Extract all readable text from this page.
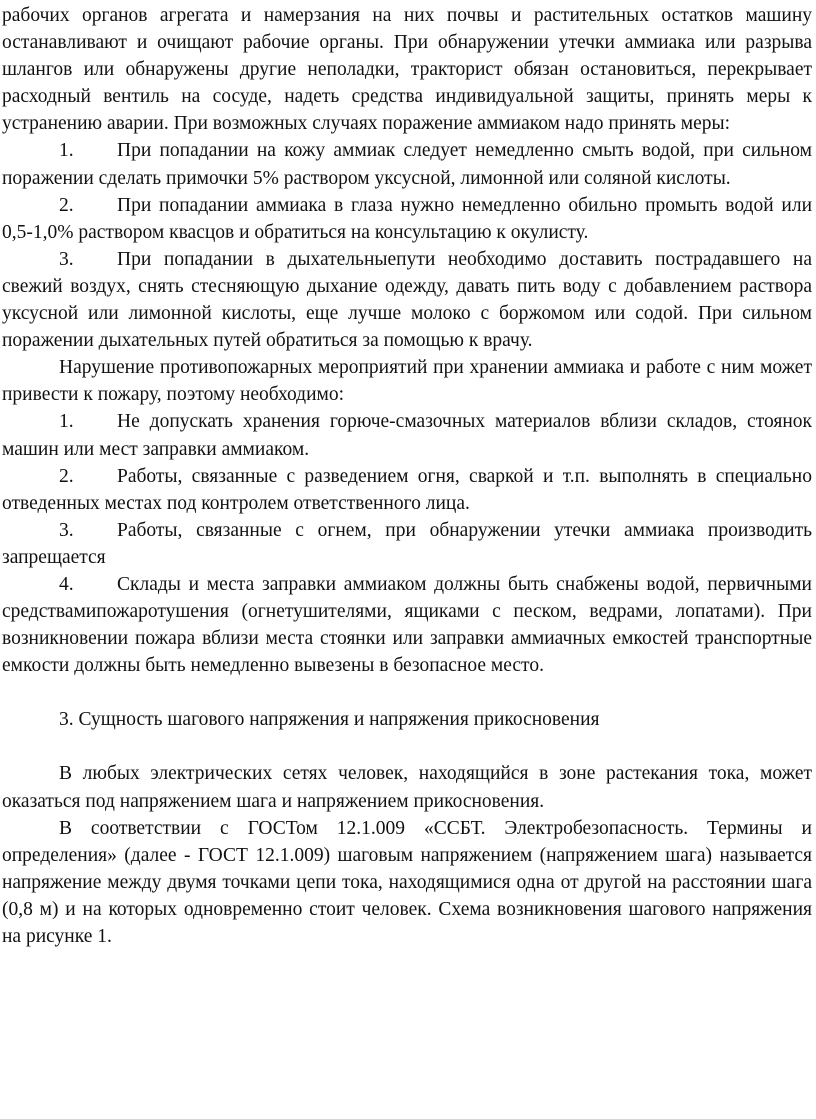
рабочих органов агрегата и намерзания на них почвы и растительных остатков машину останавливают и очищают рабочие органы. При обнаружении утечки аммиака или разрыва шлангов или обнаружены другие неполадки, тракторист обязан остановиться, перекрывает расходный вентиль на сосуде, надеть средства индивидуальной защиты, принять меры к устранению аварии. При возможных случаях поражение аммиаком надо принять меры:

1. При попадании на кожу аммиак следует немедленно смыть водой, при сильном поражении сделать примочки 5% раствором уксусной, лимонной или соляной кислоты.

2. При попадании аммиака в глаза нужно немедленно обильно промыть водой или 0,5-1,0% раствором квасцов и обратиться на консультацию к окулисту.

3. При попадании в дыхательныепути необходимо доставить пострадавшего на свежий воздух, снять стесняющую дыхание одежду, давать пить воду с добавлением раствора уксусной или лимонной кислоты, еще лучше молоко с боржомом или содой. При сильном поражении дыхательных путей обратиться за помощью к врачу.

Нарушение противопожарных мероприятий при хранении аммиака и работе с ним может привести к пожару, поэтому необходимо:

1. Не допускать хранения горюче-смазочных материалов вблизи складов, стоянок машин или мест заправки аммиаком.

2. Работы, связанные с разведением огня, сваркой и т.п. выполнять в специально отведенных местах под контролем ответственного лица.

3. Работы, связанные с огнем, при обнаружении утечки аммиака производить запрещается

4. Склады и места заправки аммиаком должны быть снабжены водой, первичными средствамипожаротушения (огнетушителями, ящиками с песком, ведрами, лопатами). При возникновении пожара вблизи места стоянки или заправки аммиачных емкостей транспортные емкости должны быть немедленно вывезены в безопасное место.

3. Сущность шагового напряжения и напряжения прикосновения

В любых электрических сетях человек, находящийся в зоне растекания тока, может оказаться под напряжением шага и напряжением прикосновения.

В соответствии с ГОСТом 12.1.009 «ССБТ. Электробезопасность. Термины и определения» (далее - ГОСТ 12.1.009) шаговым напряжением (напряжением шага) называется напряжение между двумя точками цепи тока, находящимися одна от другой на расстоянии шага (0,8 м) и на которых одновременно стоит человек. Схема возникновения шагового напряжения на рисунке 1.
